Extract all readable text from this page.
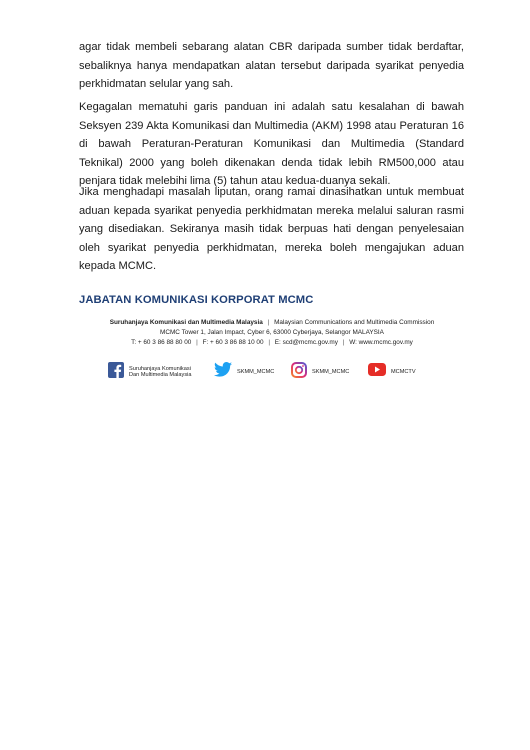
agar tidak membeli sebarang alatan CBR daripada sumber tidak berdaftar, sebaliknya hanya mendapatkan alatan tersebut daripada syarikat penyedia perkhidmatan selular yang sah.

Kegagalan mematuhi garis panduan ini adalah satu kesalahan di bawah Seksyen 239 Akta Komunikasi dan Multimedia (AKM) 1998 atau Peraturan 16 di bawah Peraturan-Peraturan Komunikasi dan Multimedia (Standard Teknikal) 2000 yang boleh dikenakan denda tidak lebih RM500,000 atau penjara tidak melebihi lima (5) tahun atau kedua-duanya sekali.

Jika menghadapi masalah liputan, orang ramai dinasihatkan untuk membuat aduan kepada syarikat penyedia perkhidmatan mereka melalui saluran rasmi yang disediakan. Sekiranya masih tidak berpuas hati dengan penyelesaian oleh syarikat penyedia perkhidmatan, mereka boleh mengajukan aduan kepada MCMC.

JABATAN KOMUNIKASI KORPORAT MCMC
Suruhanjaya Komunikasi dan Multimedia Malaysia | Malaysian Communications and Multimedia Commission
MCMC Tower 1, Jalan Impact, Cyber 6, 63000 Cyberjaya, Selangor MALAYSIA
T: + 60 3 86 88 80 00 | F: + 60 3 86 88 10 00 | E: scd@mcmc.gov.my | W: www.mcmc.gov.my
Suruhanjaya Komunikasi
Dan Multimedia Malaysia
SKMM_MCMC	SKMM_MCMC	MCMCTV
